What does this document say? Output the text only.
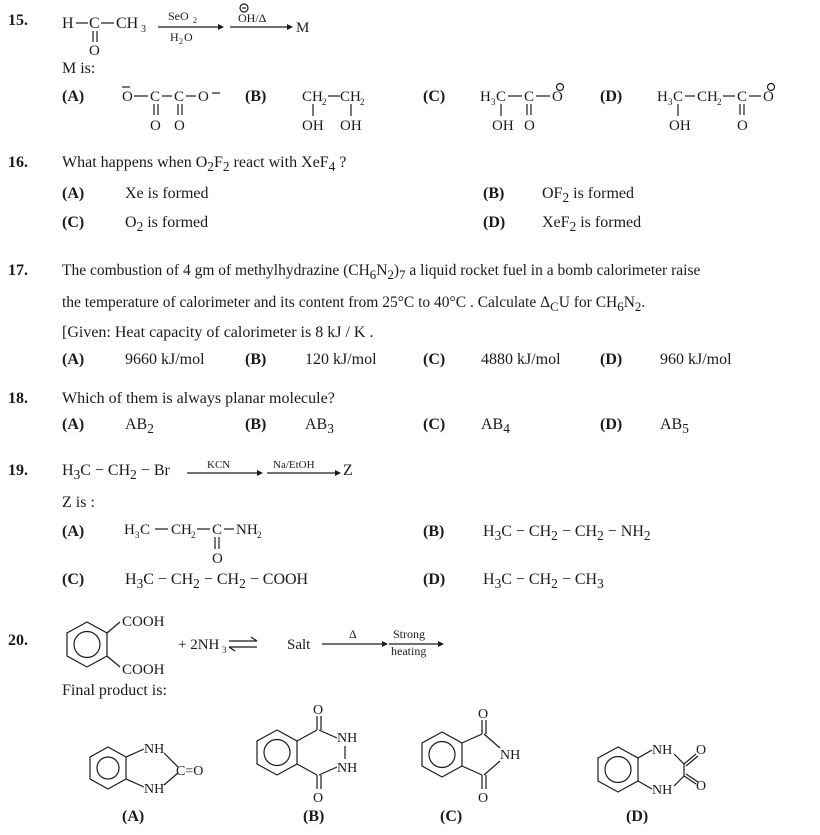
15. H C CH 3
O
SeO 2
H 2 O
OH/Δ
M
M is:
(A)	O C C O
O O
(B) CH 2 CH 2
OH OH
(C) H 3 C C O
OH O
(D) H 3 C CH 2 C O
OH	O
16. What happens when $O_2F_2$ react with XeF$_4$ ?
(A)	Xe is formed	(B) $OF_2$ is formed
(C)	$O_2$ is formed	(D) XeF$_2$ is formed
17. The combustion of 4 gm of methylhydrazine $(CH_6N_2)_7$ a liquid rocket fuel in a bomb calorimeter raise
the temperature of calorimeter and its content from 25°C to 40°C . Calculate $\Delta_CU$ for $CH_6N_2$.
[Given: Heat capacity of calorimeter is 8 kJ / K .
(A)	9660 kJ/mol	(B) 120 kJ/mol	(C) 4880 kJ/mol (D) 960 kJ/mol
18. Which of them is always planar molecule?
(A)	$AB_2$	(B) $AB_3$	(C) $AB_4$	(D) $AB_5$
19. $H_3C - CH_2 - Br$	KCN	Na/EtOH Z
Z is :
(A)	H 3 C CH 2 C NH 2
O
(B) $H_3C - CH_2 - CH_2 - NH_2$
(C)	$H_3C - CH_2 - CH_2$ − COOH	(D) $H_3C - CH_2 - CH_3$
20.
COOH
COOH
+ 2NH 3	Salt
Δ	Strong
heating
Final product is:
NH
NH
C=O
(A)
O
O
NH
NH
(B)
O
O
NH
(C)
NH
NH
O
O
(D)
